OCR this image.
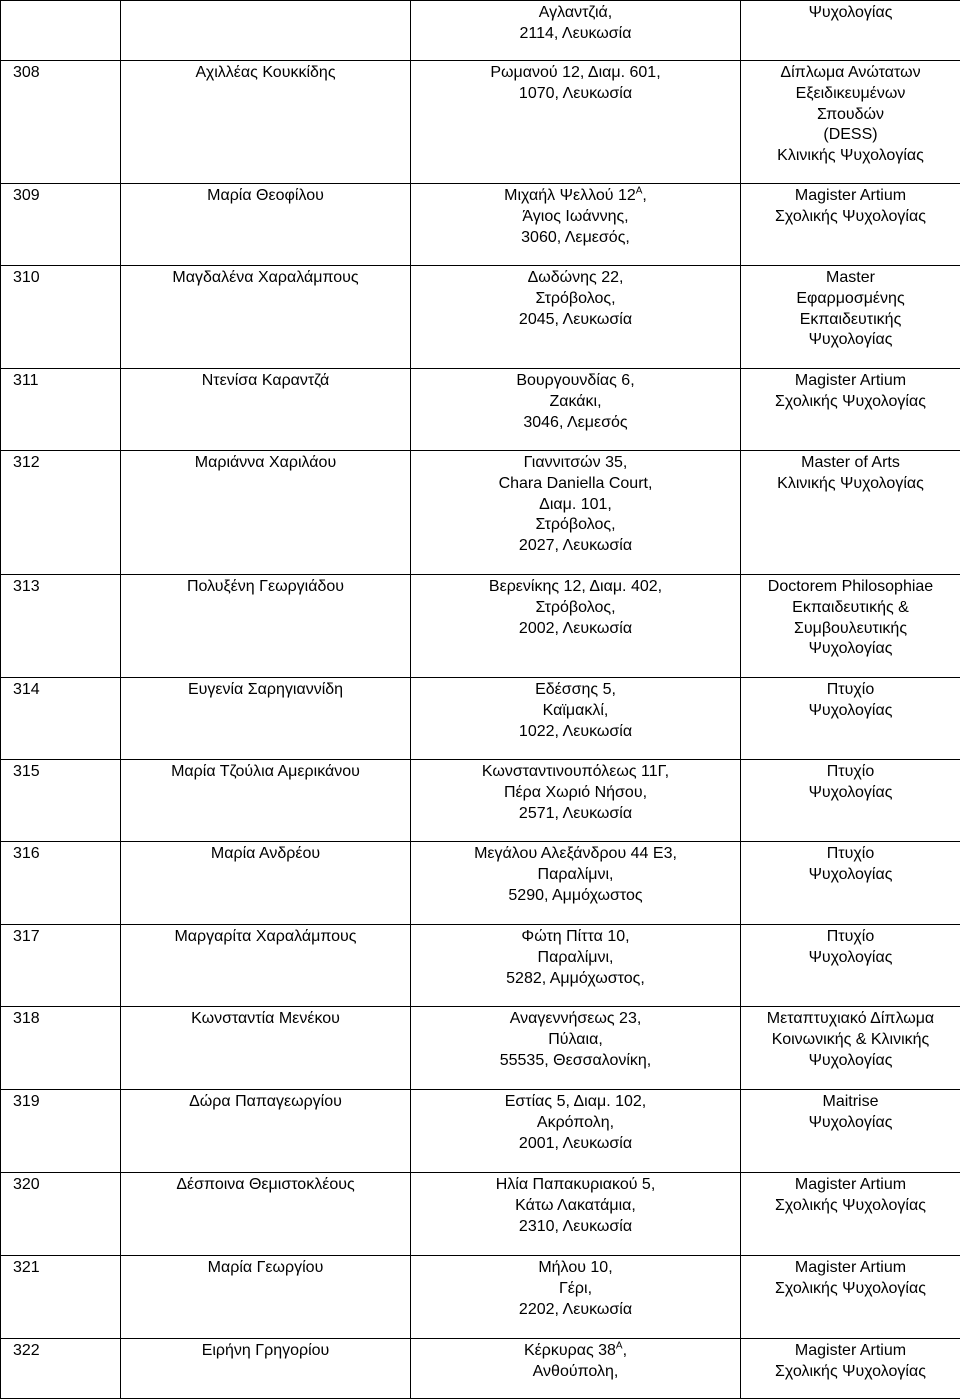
		Αγλαντζιά,
2114, Λευκωσία	Ψυχολογίας

308	Αχιλλέας Κουκκίδης	Ρωμανού 12, Διαμ. 601,
1070, Λευκωσία	Δίπλωμα Ανώτατων
Εξειδικευμένων
Σπουδών
(DESS)
Κλινικής Ψυχολογίας

309	Μαρία Θεοφίλου	Μιχαήλ Ψελλού $12^A$,
Άγιος Ιωάννης,
3060, Λεμεσός,	Magister Artium
Σχολικής Ψυχολογίας

310	Μαγδαλένα Χαραλάμπους	Δωδώνης 22,
Στρόβολος,
2045, Λευκωσία	Master
Εφαρμοσμένης
Εκπαιδευτικής
Ψυχολογίας

311	Ντενίσα Καραντζά	Βουργουνδίας 6,
Ζακάκι,
3046, Λεμεσός	Magister Artium
Σχολικής Ψυχολογίας

312	Μαριάννα Χαριλάου	Γιαννιτσών 35,
Chara Daniella Court,
Διαμ. 101,
Στρόβολος,
2027, Λευκωσία	Master of Arts
Κλινικής Ψυχολογίας

313	Πολυξένη Γεωργιάδου	Βερενίκης 12, Διαμ. 402,
Στρόβολος,
2002, Λευκωσία	Doctorem Philosophiae
Εκπαιδευτικής &
Συμβουλευτικής
Ψυχολογίας

314	Ευγενία Σαρηγιαννίδη	Εδέσσης 5,
Καϊμακλί,
1022, Λευκωσία	Πτυχίο
Ψυχολογίας

315	Μαρία Τζούλια Αμερικάνου	Κωνσταντινουπόλεως 11Γ,
Πέρα Χωριό Νήσου,
2571, Λευκωσία	Πτυχίο
Ψυχολογίας

316	Μαρία Ανδρέου	Μεγάλου Αλεξάνδρου 44 Ε3,
Παραλίμνι,
5290, Αμμόχωστος	Πτυχίο
Ψυχολογίας

317	Μαργαρίτα Χαραλάμπους	Φώτη Πίττα 10,
Παραλίμνι,
5282, Αμμόχωστος,	Πτυχίο
Ψυχολογίας

318	Κωνσταντία Μενέκου	Αναγεννήσεως 23,
Πύλαια,
55535, Θεσσαλονίκη,	Μεταπτυχιακό Δίπλωμα
Κοινωνικής & Κλινικής
Ψυχολογίας

319	Δώρα Παπαγεωργίου	Εστίας 5, Διαμ. 102,
Ακρόπολη,
2001, Λευκωσία	Maitrise
Ψυχολογίας

320	Δέσποινα Θεμιστοκλέους	Ηλία Παπακυριακού 5,
Κάτω Λακατάμια,
2310, Λευκωσία	Magister Artium
Σχολικής Ψυχολογίας

321	Μαρία Γεωργίου	Μήλου 10,
Γέρι,
2202, Λευκωσία	Magister Artium
Σχολικής Ψυχολογίας

322	Ειρήνη Γρηγορίου	Κέρκυρας $38^A$,
Ανθούπολη,	Magister Artium
Σχολικής Ψυχολογίας
